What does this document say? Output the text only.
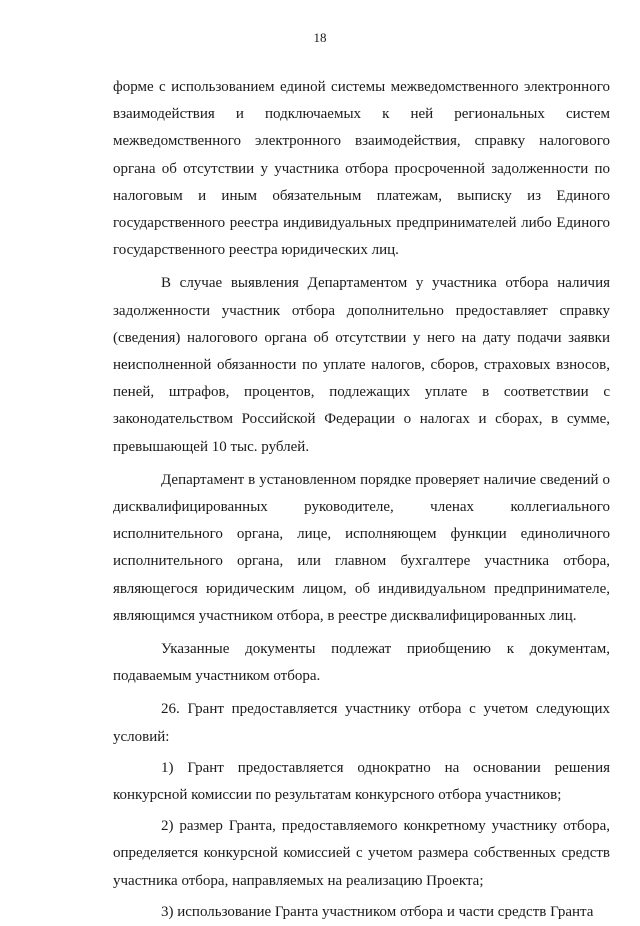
18

форме с использованием единой системы межведомственного электронного взаимодействия и подключаемых к ней региональных систем межведомственного электронного взаимодействия, справку налогового органа об отсутствии у участника отбора просроченной задолженности по налоговым и иным обязательным платежам, выписку из Единого государственного реестра индивидуальных предпринимателей либо Единого государственного реестра юридических лиц.

В случае выявления Департаментом у участника отбора наличия задолженности участник отбора дополнительно предоставляет справку (сведения) налогового органа об отсутствии у него на дату подачи заявки неисполненной обязанности по уплате налогов, сборов, страховых взносов, пеней, штрафов, процентов, подлежащих уплате в соответствии с законодательством Российской Федерации о налогах и сборах, в сумме, превышающей 10 тыс. рублей.

Департамент в установленном порядке проверяет наличие сведений о дисквалифицированных руководителе, членах коллегиального исполнительного органа, лице, исполняющем функции единоличного исполнительного органа, или главном бухгалтере участника отбора, являющегося юридическим лицом, об индивидуальном предпринимателе, являющимся участником отбора, в реестре дисквалифицированных лиц.

Указанные документы подлежат приобщению к документам, подаваемым участником отбора.

26. Грант предоставляется участнику отбора с учетом следующих условий:

1) Грант предоставляется однократно на основании решения конкурсной комиссии по результатам конкурсного отбора участников;

2) размер Гранта, предоставляемого конкретному участнику отбора, определяется конкурсной комиссией с учетом размера собственных средств участника отбора, направляемых на реализацию Проекта;

3) использование Гранта участником отбора и части средств Гранта
